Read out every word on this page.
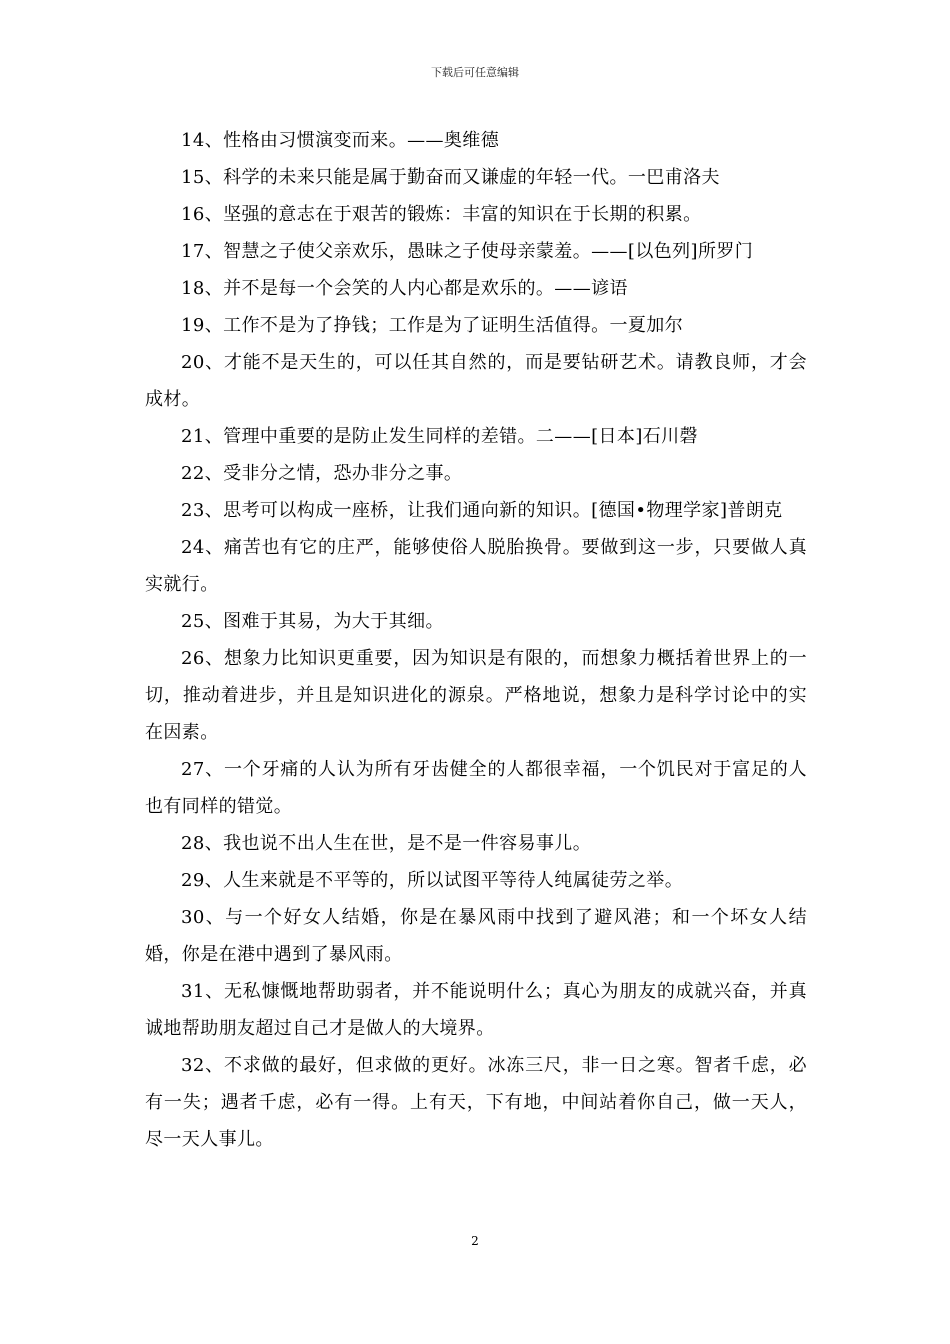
下载后可任意编辑

14、性格由习惯演变而来。——奥维德

15、科学的未来只能是属于勤奋而又谦虚的年轻一代。一巴甫洛夫

16、坚强的意志在于艰苦的锻炼：丰富的知识在于长期的积累。

17、智慧之子使父亲欢乐，愚昧之子使母亲蒙羞。——[以色列]所罗门

18、并不是每一个会笑的人内心都是欢乐的。——谚语

19、工作不是为了挣钱；工作是为了证明生活值得。一夏加尔

20、才能不是天生的，可以任其自然的，而是要钻研艺术。请教良师，才会成材。

21、管理中重要的是防止发生同样的差错。二——[日本]石川磬

22、受非分之情，恐办非分之事。

23、思考可以构成一座桥，让我们通向新的知识。[德国•物理学家]普朗克

24、痛苦也有它的庄严，能够使俗人脱胎换骨。要做到这一步，只要做人真实就行。

25、图难于其易，为大于其细。

26、想象力比知识更重要，因为知识是有限的，而想象力概括着世界上的一切，推动着进步，并且是知识进化的源泉。严格地说，想象力是科学讨论中的实在因素。

27、一个牙痛的人认为所有牙齿健全的人都很幸福，一个饥民对于富足的人也有同样的错觉。

28、我也说不出人生在世，是不是一件容易事儿。

29、人生来就是不平等的，所以试图平等待人纯属徒劳之举。

30、与一个好女人结婚，你是在暴风雨中找到了避风港；和一个坏女人结婚，你是在港中遇到了暴风雨。

31、无私慷慨地帮助弱者，并不能说明什么；真心为朋友的成就兴奋，并真诚地帮助朋友超过自己才是做人的大境界。

32、不求做的最好，但求做的更好。冰冻三尺，非一日之寒。智者千虑，必有一失；遇者千虑，必有一得。上有天，下有地，中间站着你自己，做一天人，尽一天人事儿。

2
